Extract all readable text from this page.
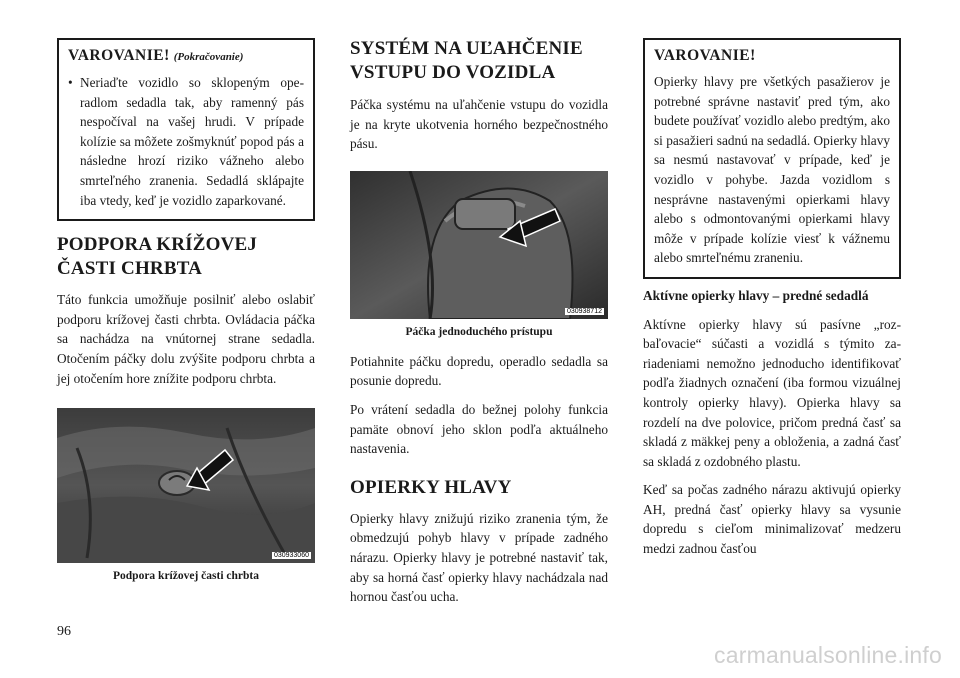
VAROVANIE! (Pokračovanie)
• Neriaďte vozidlo so sklopeným operadlom sedadla tak, aby ramenný pás nespočíval na vašej hrudi. V prípade kolízie sa môžete zošmyknúť popod pás a následne hrozí riziko vážneho alebo smrteľného zranenia. Sedadlá sklápajte iba vtedy, keď je vozidlo zaparkované.
PODPORA KRÍŽOVEJ ČASTI CHRBTA

Táto funkcia umožňuje posilniť alebo oslabiť podporu krížovej časti chrbta. Ovládacia páčka sa nachádza na vnútornej strane sedadla. Otočením páčky dolu zvýšite podporu chrbta a jej otočením hore znížite podporu chrbta.

030933060
Podpora krížovej časti chrbta
SYSTÉM NA UĽAHČENIE VSTUPU DO VOZIDLA

Páčka systému na uľahčenie vstupu do vozidla je na kryte ukotvenia horného bezpečnostného pásu.

030938712
Páčka jednoduchého prístupu

Potiahnite páčku dopredu, operadlo sedadla sa posunie dopredu.

Po vrátení sedadla do bežnej polohy funkcia pamäte obnoví jeho sklon podľa aktuálneho nastavenia.

OPIERKY HLAVY

Opierky hlavy znižujú riziko zranenia tým, že obmedzujú pohyb hlavy v prípade zadného nárazu. Opierky hlavy je potrebné nastaviť tak, aby sa horná časť opierky hlavy nachádzala nad hornou časťou ucha.

VAROVANIE!
Opierky hlavy pre všetkých pasažierov je potrebné správne nastaviť pred tým, ako budete používať vozidlo alebo predtým, ako si pasažieri sadnú na sedadlá. Opierky hlavy sa nesmú nastavovať v prípade, keď je vozidlo v pohybe. Jazda vozidlom s nesprávne nastavenými opierkami hlavy alebo s odmontovanými opierkami hlavy môže v prípade kolízie viesť k vážnemu alebo smrteľnému zraneniu.
Aktívne opierky hlavy – predné sedadlá

Aktívne opierky hlavy sú pasívne „rozbaľovacie“ súčasti a vozidlá s týmito zariadeniami nemožno jednoducho identifikovať podľa žiadnych označení (iba formou vizuálnej kontroly opierky hlavy). Opierka hlavy sa rozdelí na dve polovice, pričom predná časť sa skladá z mäkkej peny a obloženia, a zadná časť sa skladá z ozdobného plastu.

Keď sa počas zadného nárazu aktivujú opierky AH, predná časť opierky hlavy sa vysunie dopredu s cieľom minimalizovať medzeru medzi zadnou časťou

96
carmanualsonline.info
